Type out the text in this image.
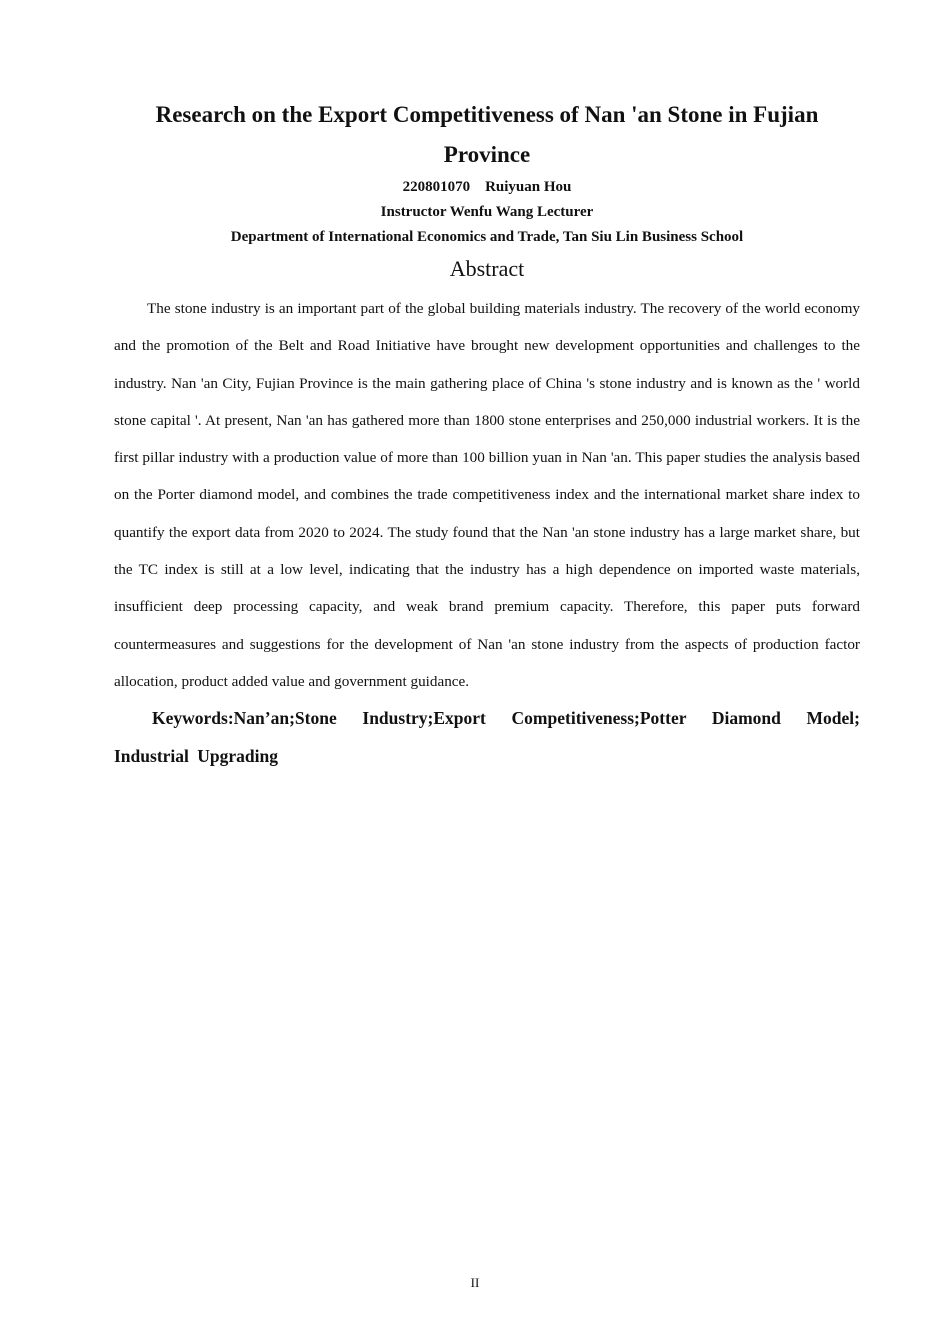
Research on the Export Competitiveness of Nan 'an Stone in Fujian Province

220801070    Ruiyuan Hou

Instructor Wenfu Wang Lecturer

Department of International Economics and Trade, Tan Siu Lin Business School

Abstract

The stone industry is an important part of the global building materials industry. The recovery of the world economy and the promotion of the Belt and Road Initiative have brought new development opportunities and challenges to the industry. Nan 'an City, Fujian Province is the main gathering place of China 's stone industry and is known as the ' world stone capital '. At present, Nan 'an has gathered more than 1800 stone enterprises and 250,000 industrial workers. It is the first pillar industry with a production value of more than 100 billion yuan in Nan 'an. This paper studies the analysis based on the Porter diamond model, and combines the trade competitiveness index and the international market share index to quantify the export data from 2020 to 2024. The study found that the Nan 'an stone industry has a large market share, but the TC index is still at a low level, indicating that the industry has a high dependence on imported waste materials, insufficient deep processing capacity, and weak brand premium capacity. Therefore, this paper puts forward countermeasures and suggestions for the development of Nan 'an stone industry from the aspects of production factor allocation, product added value and government guidance.

Keywords:Nan’an;Stone Industry;Export Competitiveness;Potter Diamond Model; Industrial Upgrading

II
